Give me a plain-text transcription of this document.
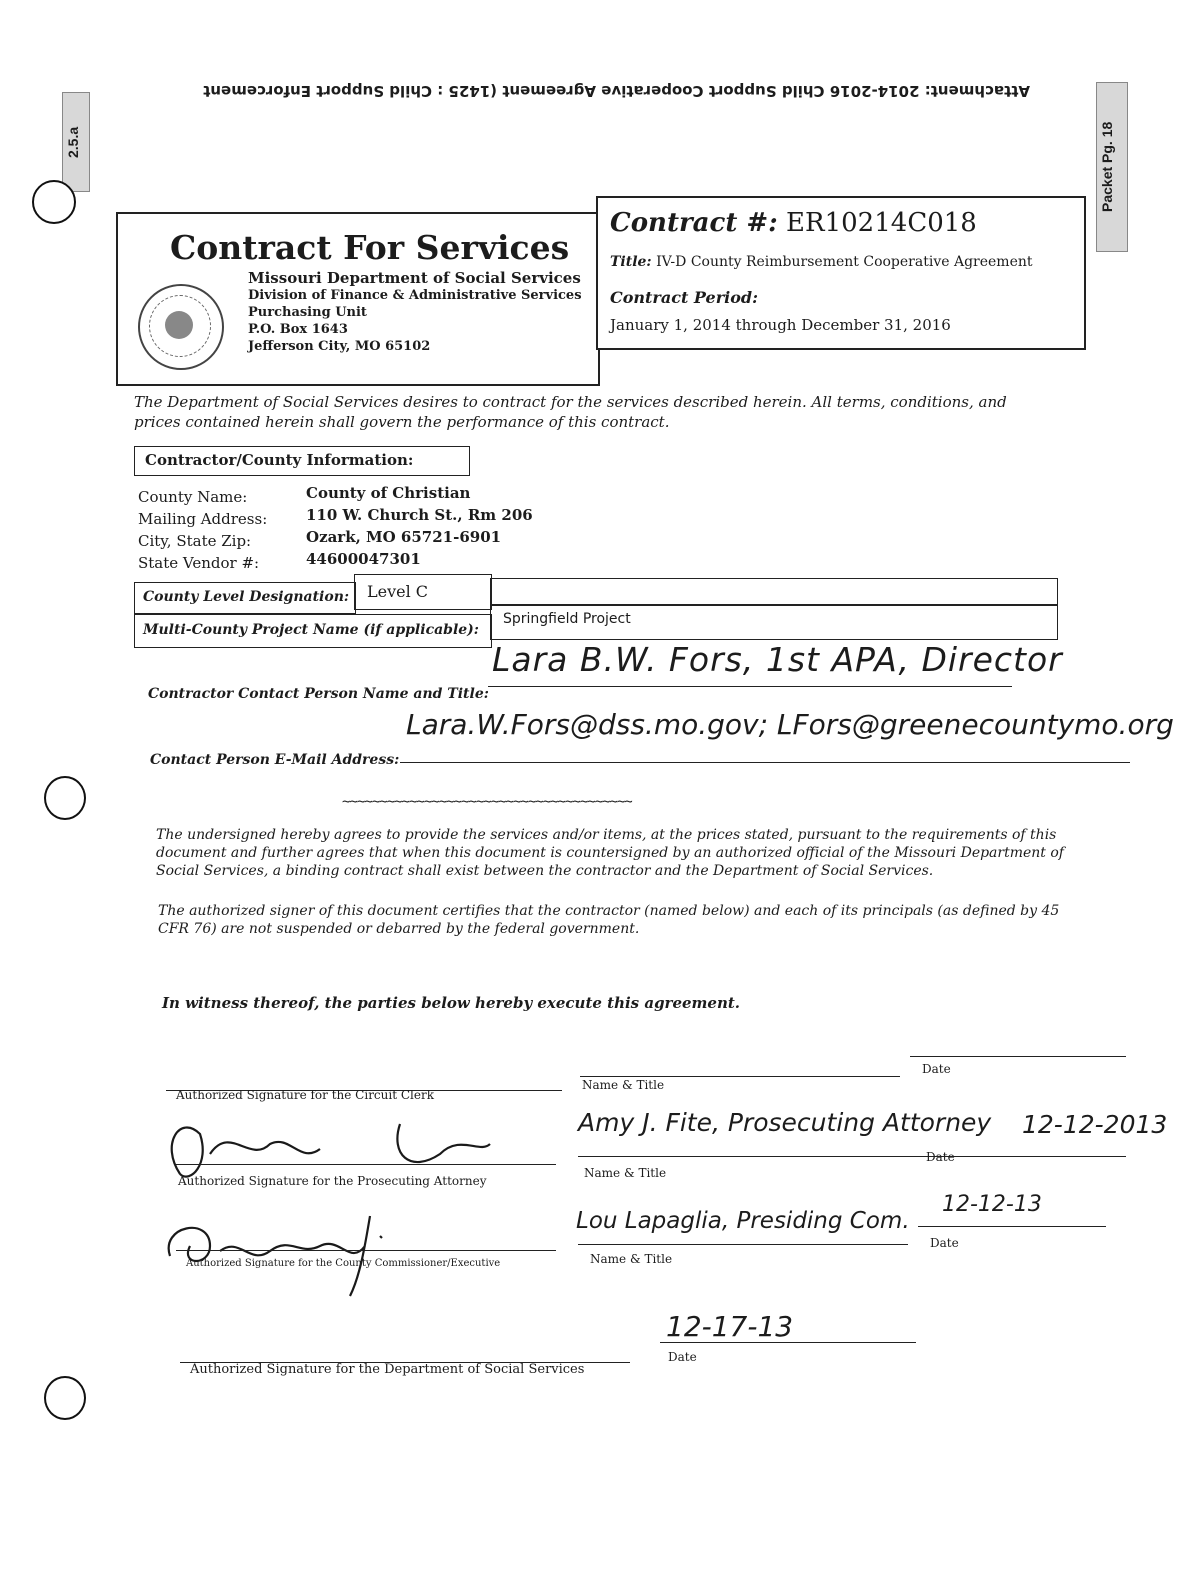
Attachment: 2014-2016 Child Support Cooperative Agreement (1425 : Child Support Enforcement
2.5.a	Packet Pg. 18
Contract For Services
Missouri Department of Social Services
Division of Finance & Administrative Services
Purchasing Unit
P.O. Box 1643
Jefferson City, MO 65102
Contract #: ER10214C018
Title: IV-D County Reimbursement Cooperative Agreement
Contract Period:
January 1, 2014 through December 31, 2016
The Department of Social Services desires to contract for the services described herein. All terms, conditions, and prices contained herein shall govern the performance of this contract.
Contractor/County Information:
County Name:
Mailing Address:
City, State Zip:
State Vendor #:
County of Christian
110 W. Church St., Rm 206
Ozark, MO 65721-6901
44600047301
County Level Designation: Level C
Multi-County Project Name (if applicable):
Springfield Project
Contractor Contact Person Name and Title:
Lara B.W. Fors, 1st APA, Director
Contact Person E-Mail Address:
Lara.W.Fors@dss.mo.gov; LFors@greenecountymo.org
~~~~~~~~~~~~~~~~~~~~~~~~~~~~~~~~~~~~~~~
The undersigned hereby agrees to provide the services and/or items, at the prices stated, pursuant to the requirements of this document and further agrees that when this document is countersigned by an authorized official of the Missouri Department of Social Services, a binding contract shall exist between the contractor and the Department of Social Services.
The authorized signer of this document certifies that the contractor (named below) and each of its principals (as defined by 45 CFR 76) are not suspended or debarred by the federal government.
In witness thereof, the parties below hereby execute this agreement.
Authorized Signature for the Circuit Clerk
Name & Title
Date
Amy J. Fite, Prosecuting Attorney 12-12-2013
Authorized Signature for the Prosecuting Attorney
Name & Title
Date
Lou Lapaglia, Presiding Com.
12-12-13
Authorized Signature for the County Commissioner/Executive	Name & Title
Date
Authorized Signature for the Department of Social Services
12-17-13
Date
